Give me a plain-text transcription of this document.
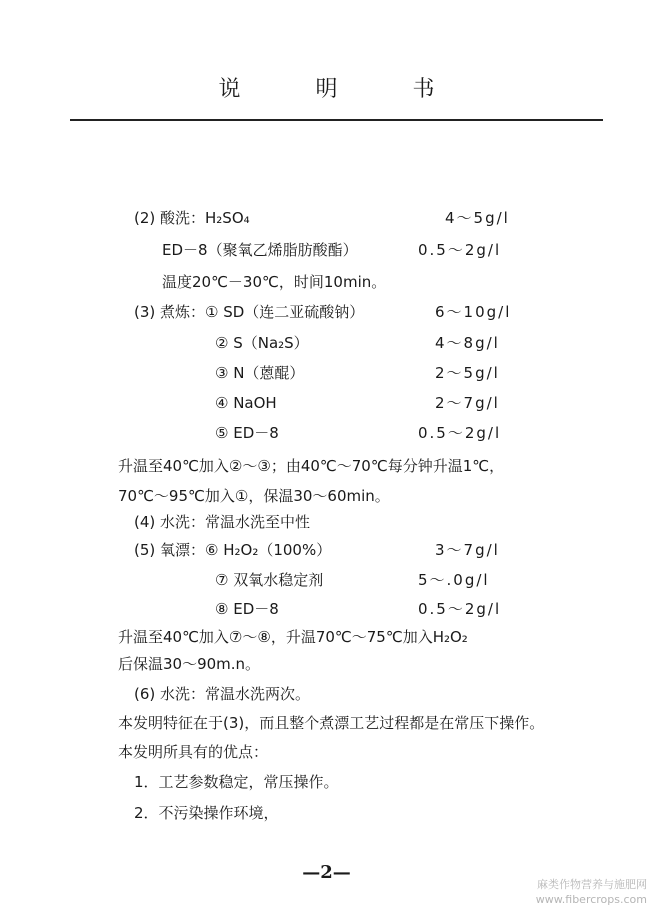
说 明 书
(2) 酸洗：H₂SO₄	4～5g/l
ED－8（聚氧乙烯脂肪酸酯）	0.5～2g/l
温度20℃－30℃，时间10min。
(3) 煮炼：① SD（连二亚硫酸钠）	6～10g/l
② S（Na₂S）	4～8g/l
③ N（蒽醌）	2～5g/l
④ NaOH	2～7g/l
⑤ ED－8	0.5～2g/l
升温至40℃加入②～③；由40℃～70℃每分钟升温1℃，
70℃～95℃加入①，保温30～60min。
(4) 水洗：常温水洗至中性
(5) 氧漂：⑥ H₂O₂（100%）	3～7g/l
⑦ 双氧水稳定剂	5～.0g/l
⑧ ED－8	0.5～2g/l
升温至40℃加入⑦～⑧，升温70℃～75℃加入H₂O₂
后保温30～90m.n。
(6) 水洗：常温水洗两次。
本发明特征在于(3)，而且整个煮漂工艺过程都是在常压下操作。
本发明所具有的优点：
1．工艺参数稳定，常压操作。
2．不污染操作环境，
—2—
麻类作物营养与施肥网
www.fibercrops.com
